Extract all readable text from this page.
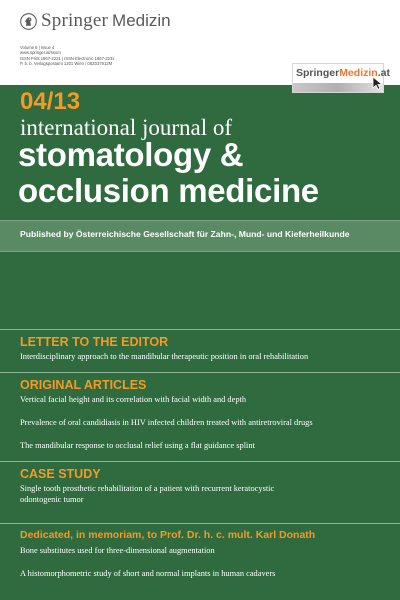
Springer Medizin
Volume 6 | Issue 4
www.springer.at/ssom
ISSN Print 1867-2221 | ISSN Electronic 1867-223x
P. b. b. Verlagspostamt 1201 Wien / 08Z037912M
SpringerMedizin.at
04/13
international journal of
stomatology &
occlusion medicine
Published by Österreichische Gesellschaft für Zahn-, Mund- und Kieferheilkunde
LETTER TO THE EDITOR
Interdisciplinary approach to the mandibular therapeutic position in oral rehabilitation
ORIGINAL ARTICLES
Vertical facial height and its correlation with facial width and depth
Prevalence of oral candidiasis in HIV infected children treated with antiretroviral drugs
The mandibular response to occlusal relief using a flat guidance splint
CASE STUDY
Single tooth prosthetic rehabilitation of a patient with recurrent keratocystic
odontogenic tumor
Dedicated, in memoriam, to Prof. Dr. h. c. mult. Karl Donath
Bone substitutes used for three-dimensional augmentation
A histomorphometric study of short and normal implants in human cadavers
